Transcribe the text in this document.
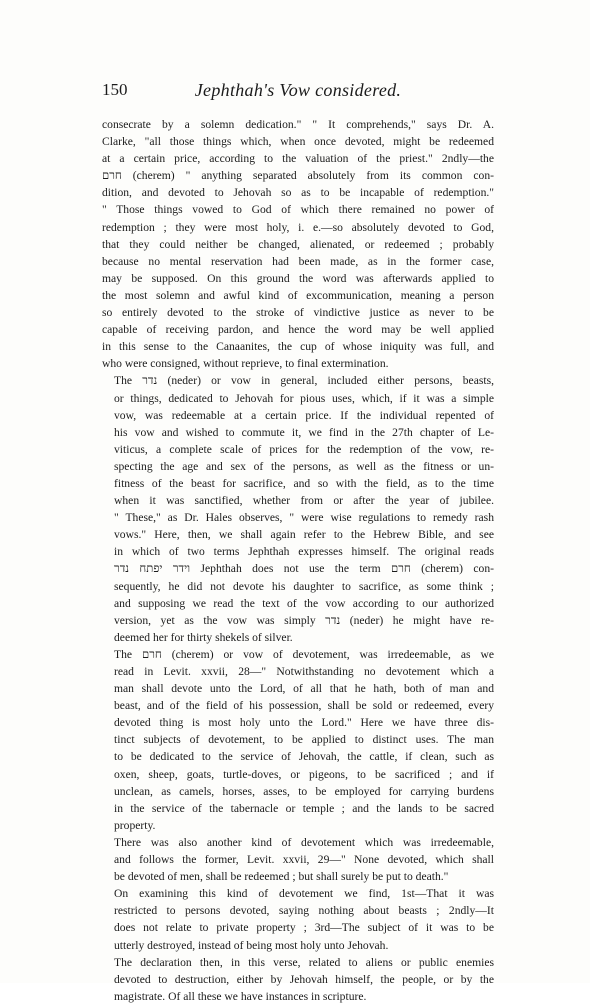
150	Jephthah's Vow considered.
consecrate by a solemn dedication." " It comprehends," says Dr. A.
Clarke, "all those things which, when once devoted, might be redeemed
at a certain price, according to the valuation of the priest." 2ndly—the
חרם (cherem) " anything separated absolutely from its common con-
dition, and devoted to Jehovah so as to be incapable of redemption."
" Those things vowed to God of which there remained no power of
redemption ; they were most holy, i. e.—so absolutely devoted to God,
that they could neither be changed, alienated, or redeemed ; probably
because no mental reservation had been made, as in the former case,
may be supposed. On this ground the word was afterwards applied to
the most solemn and awful kind of excommunication, meaning a person
so entirely devoted to the stroke of vindictive justice as never to be
capable of receiving pardon, and hence the word may be well applied
in this sense to the Canaanites, the cup of whose iniquity was full, and
who were consigned, without reprieve, to final extermination.
The נדר (neder) or vow in general, included either persons, beasts,
or things, dedicated to Jehovah for pious uses, which, if it was a simple
vow, was redeemable at a certain price. If the individual repented of
his vow and wished to commute it, we find in the 27th chapter of Le-
viticus, a complete scale of prices for the redemption of the vow, re-
specting the age and sex of the persons, as well as the fitness or un-
fitness of the beast for sacrifice, and so with the field, as to the time
when it was sanctified, whether from or after the year of jubilee.
" These," as Dr. Hales observes, " were wise regulations to remedy rash
vows." Here, then, we shall again refer to the Hebrew Bible, and see
in which of two terms Jephthah expresses himself. The original reads
וידר יפתח נדר Jephthah does not use the term חרם (cherem) con-
sequently, he did not devote his daughter to sacrifice, as some think ;
and supposing we read the text of the vow according to our authorized
version, yet as the vow was simply נדר (neder) he might have re-
deemed her for thirty shekels of silver.
The חרם (cherem) or vow of devotement, was irredeemable, as we
read in Levit. xxvii, 28—" Notwithstanding no devotement which a
man shall devote unto the Lord, of all that he hath, both of man and
beast, and of the field of his possession, shall be sold or redeemed, every
devoted thing is most holy unto the Lord." Here we have three dis-
tinct subjects of devotement, to be applied to distinct uses. The man
to be dedicated to the service of Jehovah, the cattle, if clean, such as
oxen, sheep, goats, turtle-doves, or pigeons, to be sacrificed ; and if
unclean, as camels, horses, asses, to be employed for carrying burdens
in the service of the tabernacle or temple ; and the lands to be sacred
property.
There was also another kind of devotement which was irredeemable,
and follows the former, Levit. xxvii, 29—" None devoted, which shall
be devoted of men, shall be redeemed ; but shall surely be put to death."
On examining this kind of devotement we find, 1st—That it was
restricted to persons devoted, saying nothing about beasts ; 2ndly—It
does not relate to private property ; 3rd—The subject of it was to be
utterly destroyed, instead of being most holy unto Jehovah.
The declaration then, in this verse, related to aliens or public enemies
devoted to destruction, either by Jehovah himself, the people, or by the
magistrate. Of all these we have instances in scripture.
